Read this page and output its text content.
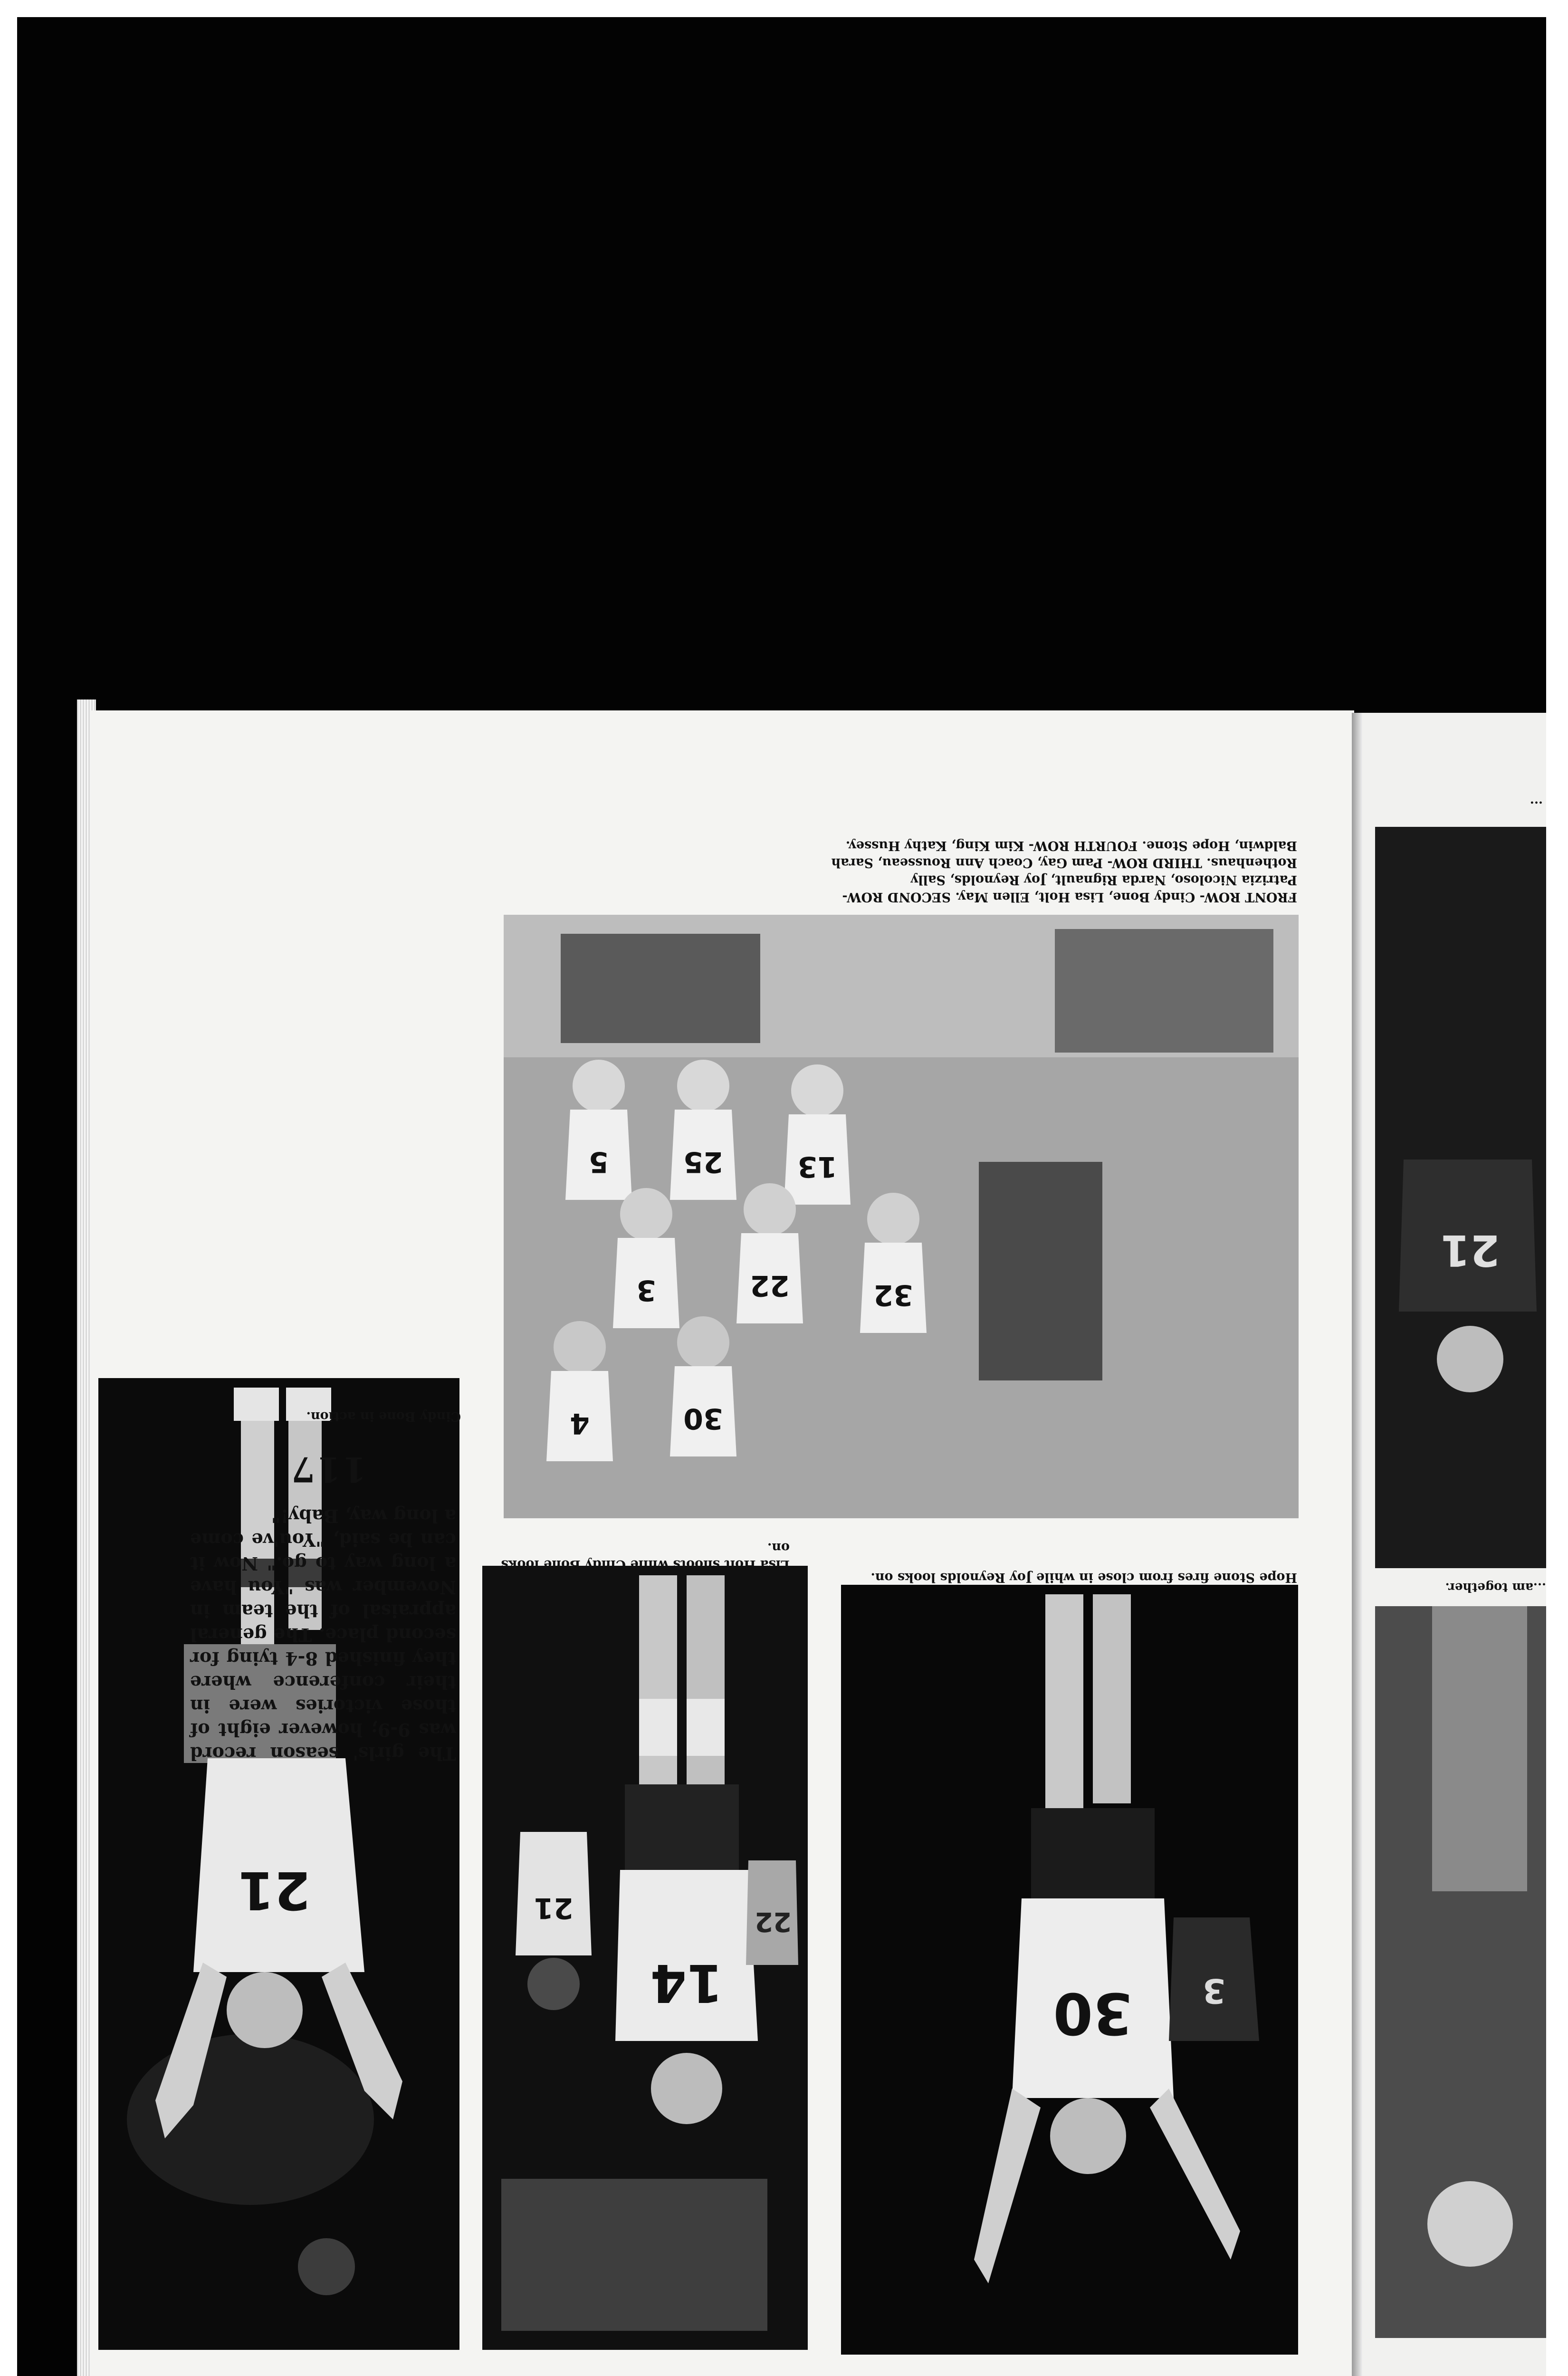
21

Cindy Bone in action.

117

The girls' season record was 9-9; however eight of those victories were in their conference where they finished 8-4 tying for second place. The general appraisal of the team in November was "You have a long way to go." Now it can be said, "You've come a long way, Baby!"

14
21	22

Lisa Holt shoots while Cindy Bone looks on.

30 3

Hope Stone fires from close in while Joy Reynolds looks on.

5	25	13
22
3	32
30
4

FRONT ROW- Cindy Bone, Lisa Holt, Ellen May. SECOND ROW- Patrizia Nicoloso, Narda Rignault, Joy Reynolds, Sally Rothenhaus. THIRD ROW- Pam Gay, Coach Ann Rousseau, Sarah Baldwin, Hope Stone. FOURTH ROW- Kim King, Kathy Hussey.

21

...

...am together.
